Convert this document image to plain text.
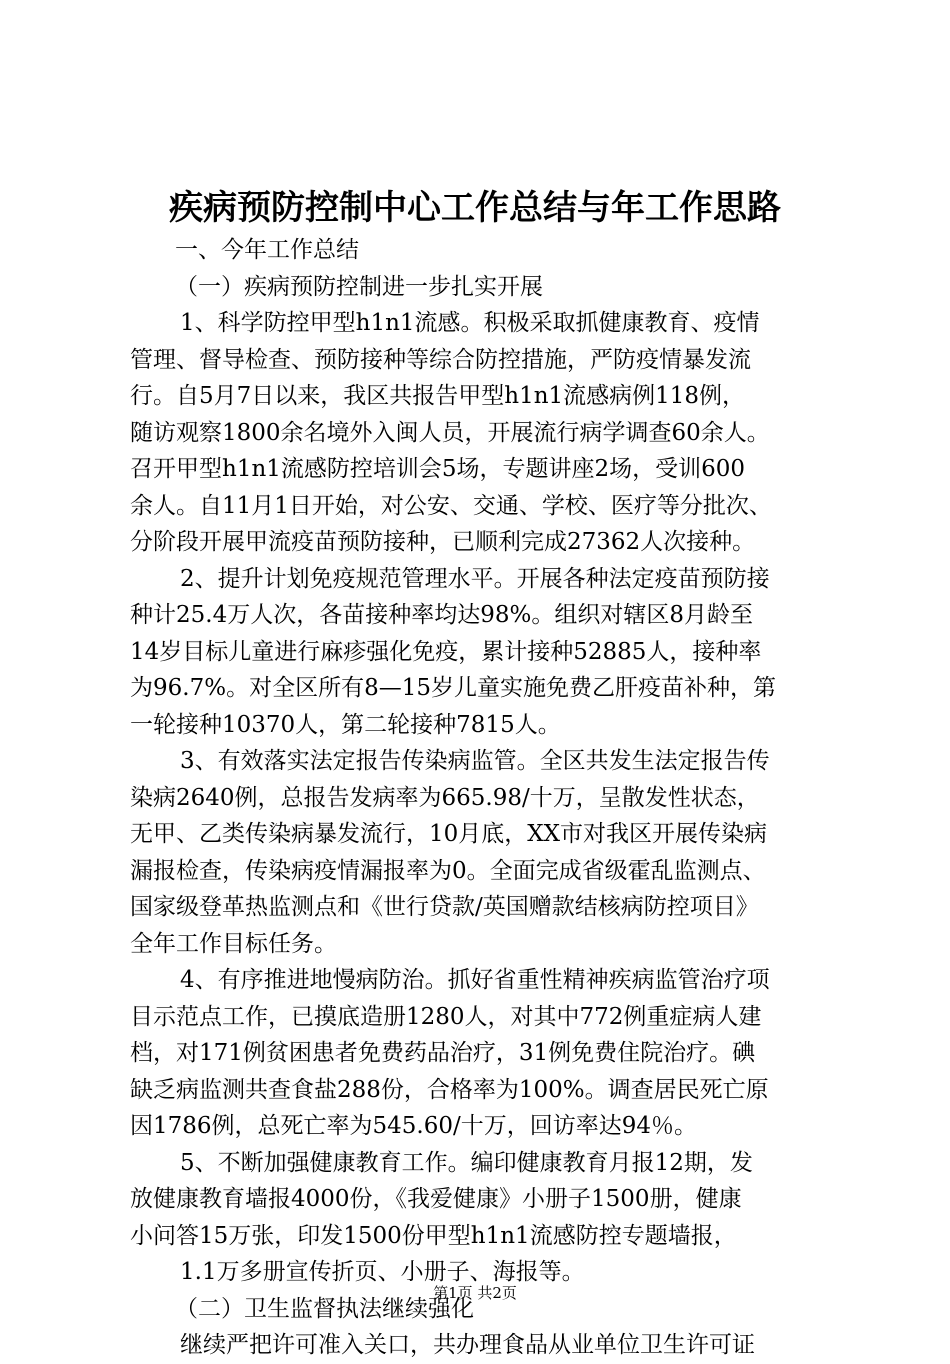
疾病预防控制中心工作总结与年工作思路
一、今年工作总结
（一）疾病预防控制进一步扎实开展
1、科学防控甲型h1n1流感。积极采取抓健康教育、疫情
管理、督导检查、预防接种等综合防控措施，严防疫情暴发流
行。自5月7日以来，我区共报告甲型h1n1流感病例118例，
随访观察1800余名境外入闽人员，开展流行病学调查60余人。
召开甲型h1n1流感防控培训会5场，专题讲座2场，受训600
余人。自11月1日开始，对公安、交通、学校、医疗等分批次、
分阶段开展甲流疫苗预防接种，已顺利完成27362人次接种。
2、提升计划免疫规范管理水平。开展各种法定疫苗预防接
种计25.4万人次，各苗接种率均达98%。组织对辖区8月龄至
14岁目标儿童进行麻疹强化免疫，累计接种52885人，接种率
为96.7%。对全区所有8—15岁儿童实施免费乙肝疫苗补种，第
一轮接种10370人，第二轮接种7815人。
3、有效落实法定报告传染病监管。全区共发生法定报告传
染病2640例，总报告发病率为665.98/十万，呈散发性状态，
无甲、乙类传染病暴发流行，10月底，XX市对我区开展传染病
漏报检查，传染病疫情漏报率为0。全面完成省级霍乱监测点、
国家级登革热监测点和《世行贷款/英国赠款结核病防控项目》
全年工作目标任务。
4、有序推进地慢病防治。抓好省重性精神疾病监管治疗项
目示范点工作，已摸底造册1280人，对其中772例重症病人建
档，对171例贫困患者免费药品治疗，31例免费住院治疗。碘
缺乏病监测共查食盐288份，合格率为100%。调查居民死亡原
因1786例，总死亡率为545.60/十万，回访率达94％。
5、不断加强健康教育工作。编印健康教育月报12期，发
放健康教育墙报4000份，《我爱健康》小册子1500册，健康
小问答15万张，印发1500份甲型h1n1流感防控专题墙报，
1.1万多册宣传折页、小册子、海报等。
（二）卫生监督执法继续强化
继续严把许可准入关口，共办理食品从业单位卫生许可证
第1页 共2页
